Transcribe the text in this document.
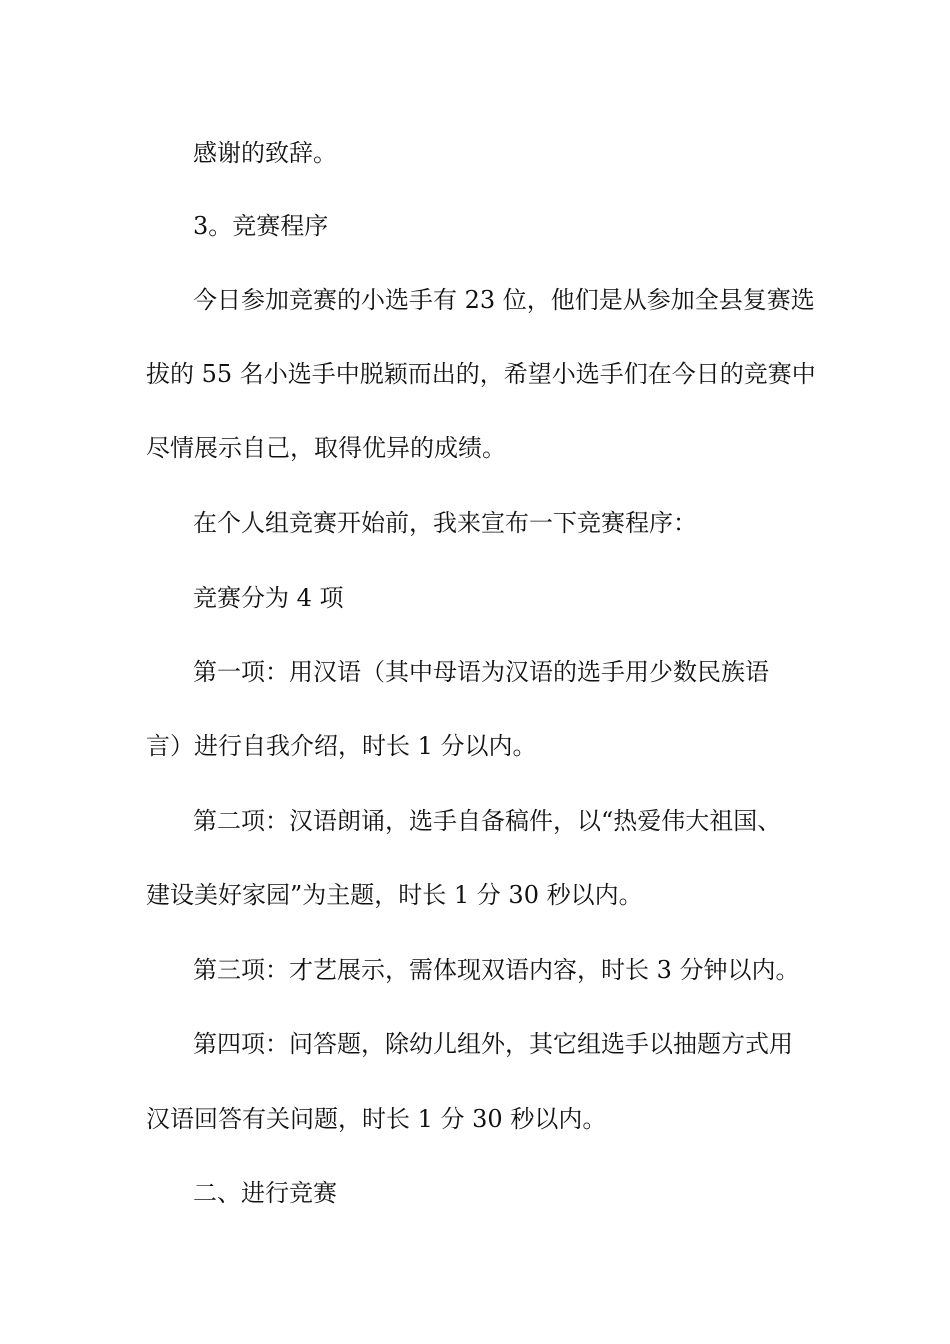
感谢的致辞。
3。竞赛程序
今日参加竞赛的小选手有 23 位，他们是从参加全县复赛选
拔的 55 名小选手中脱颖而出的，希望小选手们在今日的竞赛中
尽情展示自己，取得优异的成绩。
在个人组竞赛开始前，我来宣布一下竞赛程序：
竞赛分为 4 项
第一项：用汉语（其中母语为汉语的选手用少数民族语
言）进行自我介绍，时长 1 分以内。
第二项：汉语朗诵，选手自备稿件，以“热爱伟大祖国、
建设美好家园”为主题，时长 1 分 30 秒以内。
第三项：才艺展示，需体现双语内容，时长 3 分钟以内。
第四项：问答题，除幼儿组外，其它组选手以抽题方式用
汉语回答有关问题，时长 1 分 30 秒以内。
二、进行竞赛
